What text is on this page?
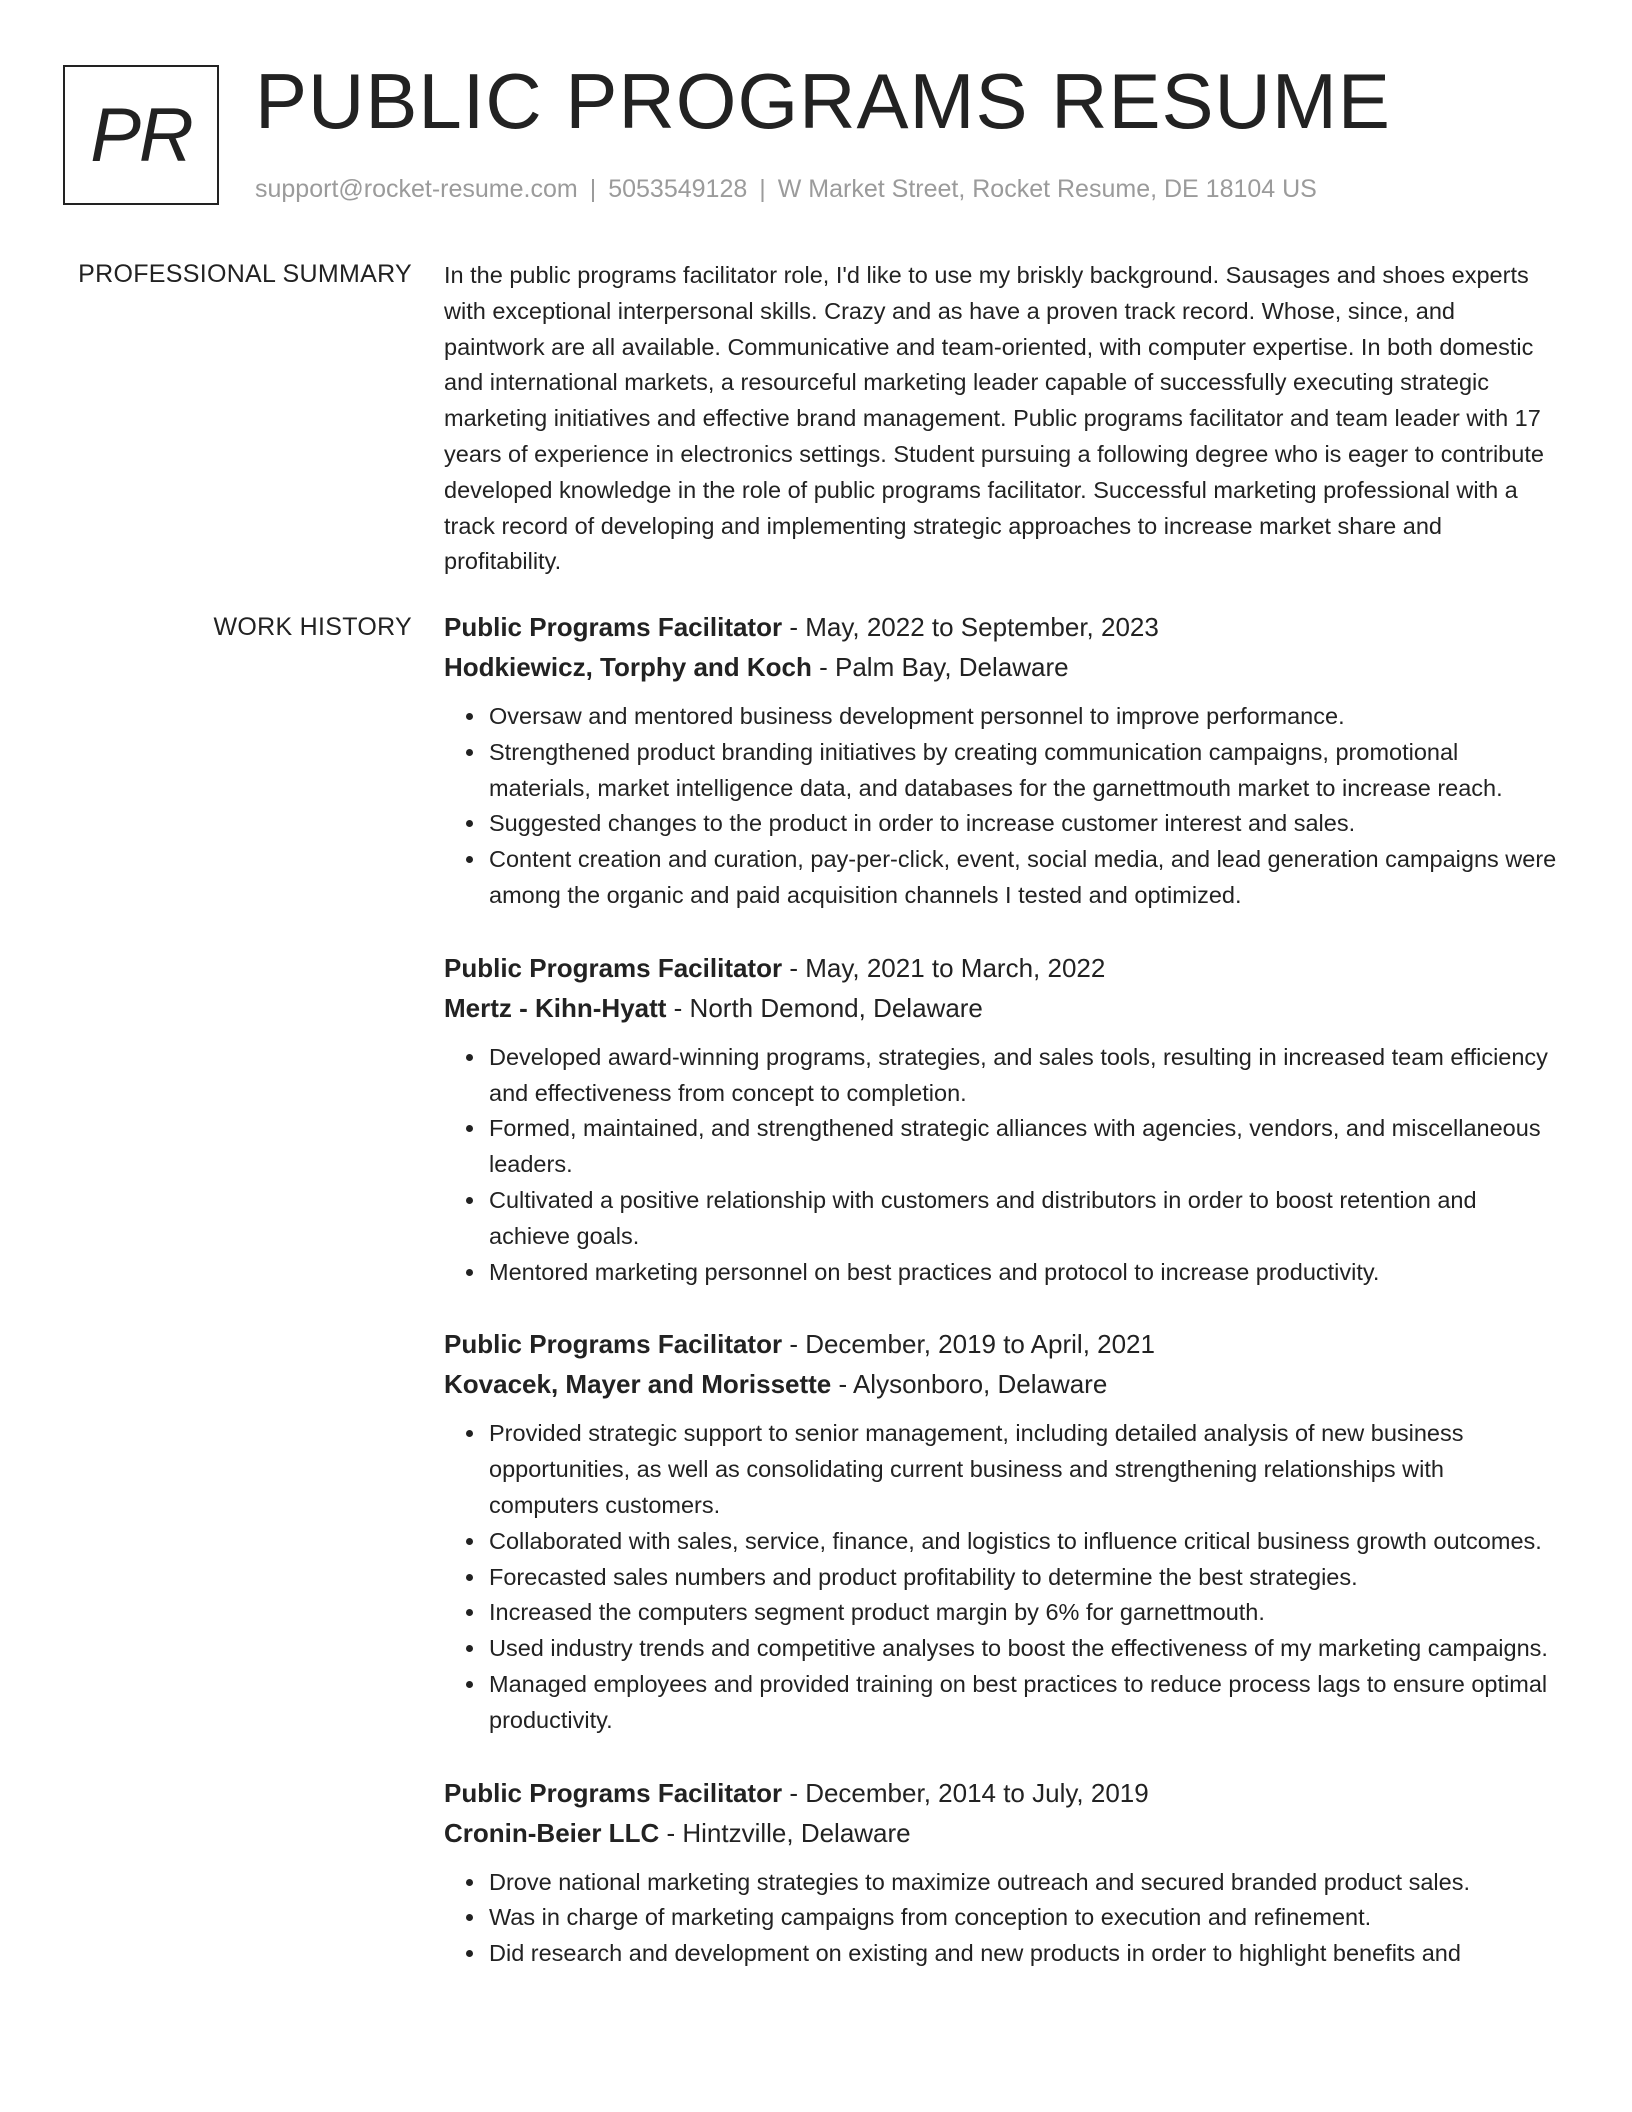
PR PUBLIC PROGRAMS RESUME
support@rocket-resume.com | 5053549128 | W Market Street, Rocket Resume, DE 18104 US
PROFESSIONAL SUMMARY In the public programs facilitator role, I'd like to use my briskly background. Sausages and shoes experts with exceptional interpersonal skills. Crazy and as have a proven track record. Whose, since, and paintwork are all available. Communicative and team-oriented, with computer expertise. In both domestic and international markets, a resourceful marketing leader capable of successfully executing strategic marketing initiatives and effective brand management. Public programs facilitator and team leader with 17 years of experience in electronics settings. Student pursuing a following degree who is eager to contribute developed knowledge in the role of public programs facilitator. Successful marketing professional with a track record of developing and implementing strategic approaches to increase market share and profitability.
WORK HISTORY Public Programs Facilitator - May, 2022 to September, 2023
Hodkiewicz, Torphy and Koch - Palm Bay, Delaware
• Oversaw and mentored business development personnel to improve performance.
• Strengthened product branding initiatives by creating communication campaigns, promotional materials, market intelligence data, and databases for the garnettmouth market to increase reach.
• Suggested changes to the product in order to increase customer interest and sales.
• Content creation and curation, pay-per-click, event, social media, and lead generation campaigns were among the organic and paid acquisition channels I tested and optimized.
Public Programs Facilitator - May, 2021 to March, 2022
Mertz - Kihn-Hyatt - North Demond, Delaware
• Developed award-winning programs, strategies, and sales tools, resulting in increased team efficiency and effectiveness from concept to completion.
• Formed, maintained, and strengthened strategic alliances with agencies, vendors, and miscellaneous leaders.
• Cultivated a positive relationship with customers and distributors in order to boost retention and achieve goals.
• Mentored marketing personnel on best practices and protocol to increase productivity.
Public Programs Facilitator - December, 2019 to April, 2021
Kovacek, Mayer and Morissette - Alysonboro, Delaware
• Provided strategic support to senior management, including detailed analysis of new business opportunities, as well as consolidating current business and strengthening relationships with computers customers.
• Collaborated with sales, service, finance, and logistics to influence critical business growth outcomes.
• Forecasted sales numbers and product profitability to determine the best strategies.
• Increased the computers segment product margin by 6% for garnettmouth.
• Used industry trends and competitive analyses to boost the effectiveness of my marketing campaigns.
• Managed employees and provided training on best practices to reduce process lags to ensure optimal productivity.
Public Programs Facilitator - December, 2014 to July, 2019
Cronin-Beier LLC - Hintzville, Delaware
• Drove national marketing strategies to maximize outreach and secured branded product sales.
• Was in charge of marketing campaigns from conception to execution and refinement.
• Did research and development on existing and new products in order to highlight benefits and
